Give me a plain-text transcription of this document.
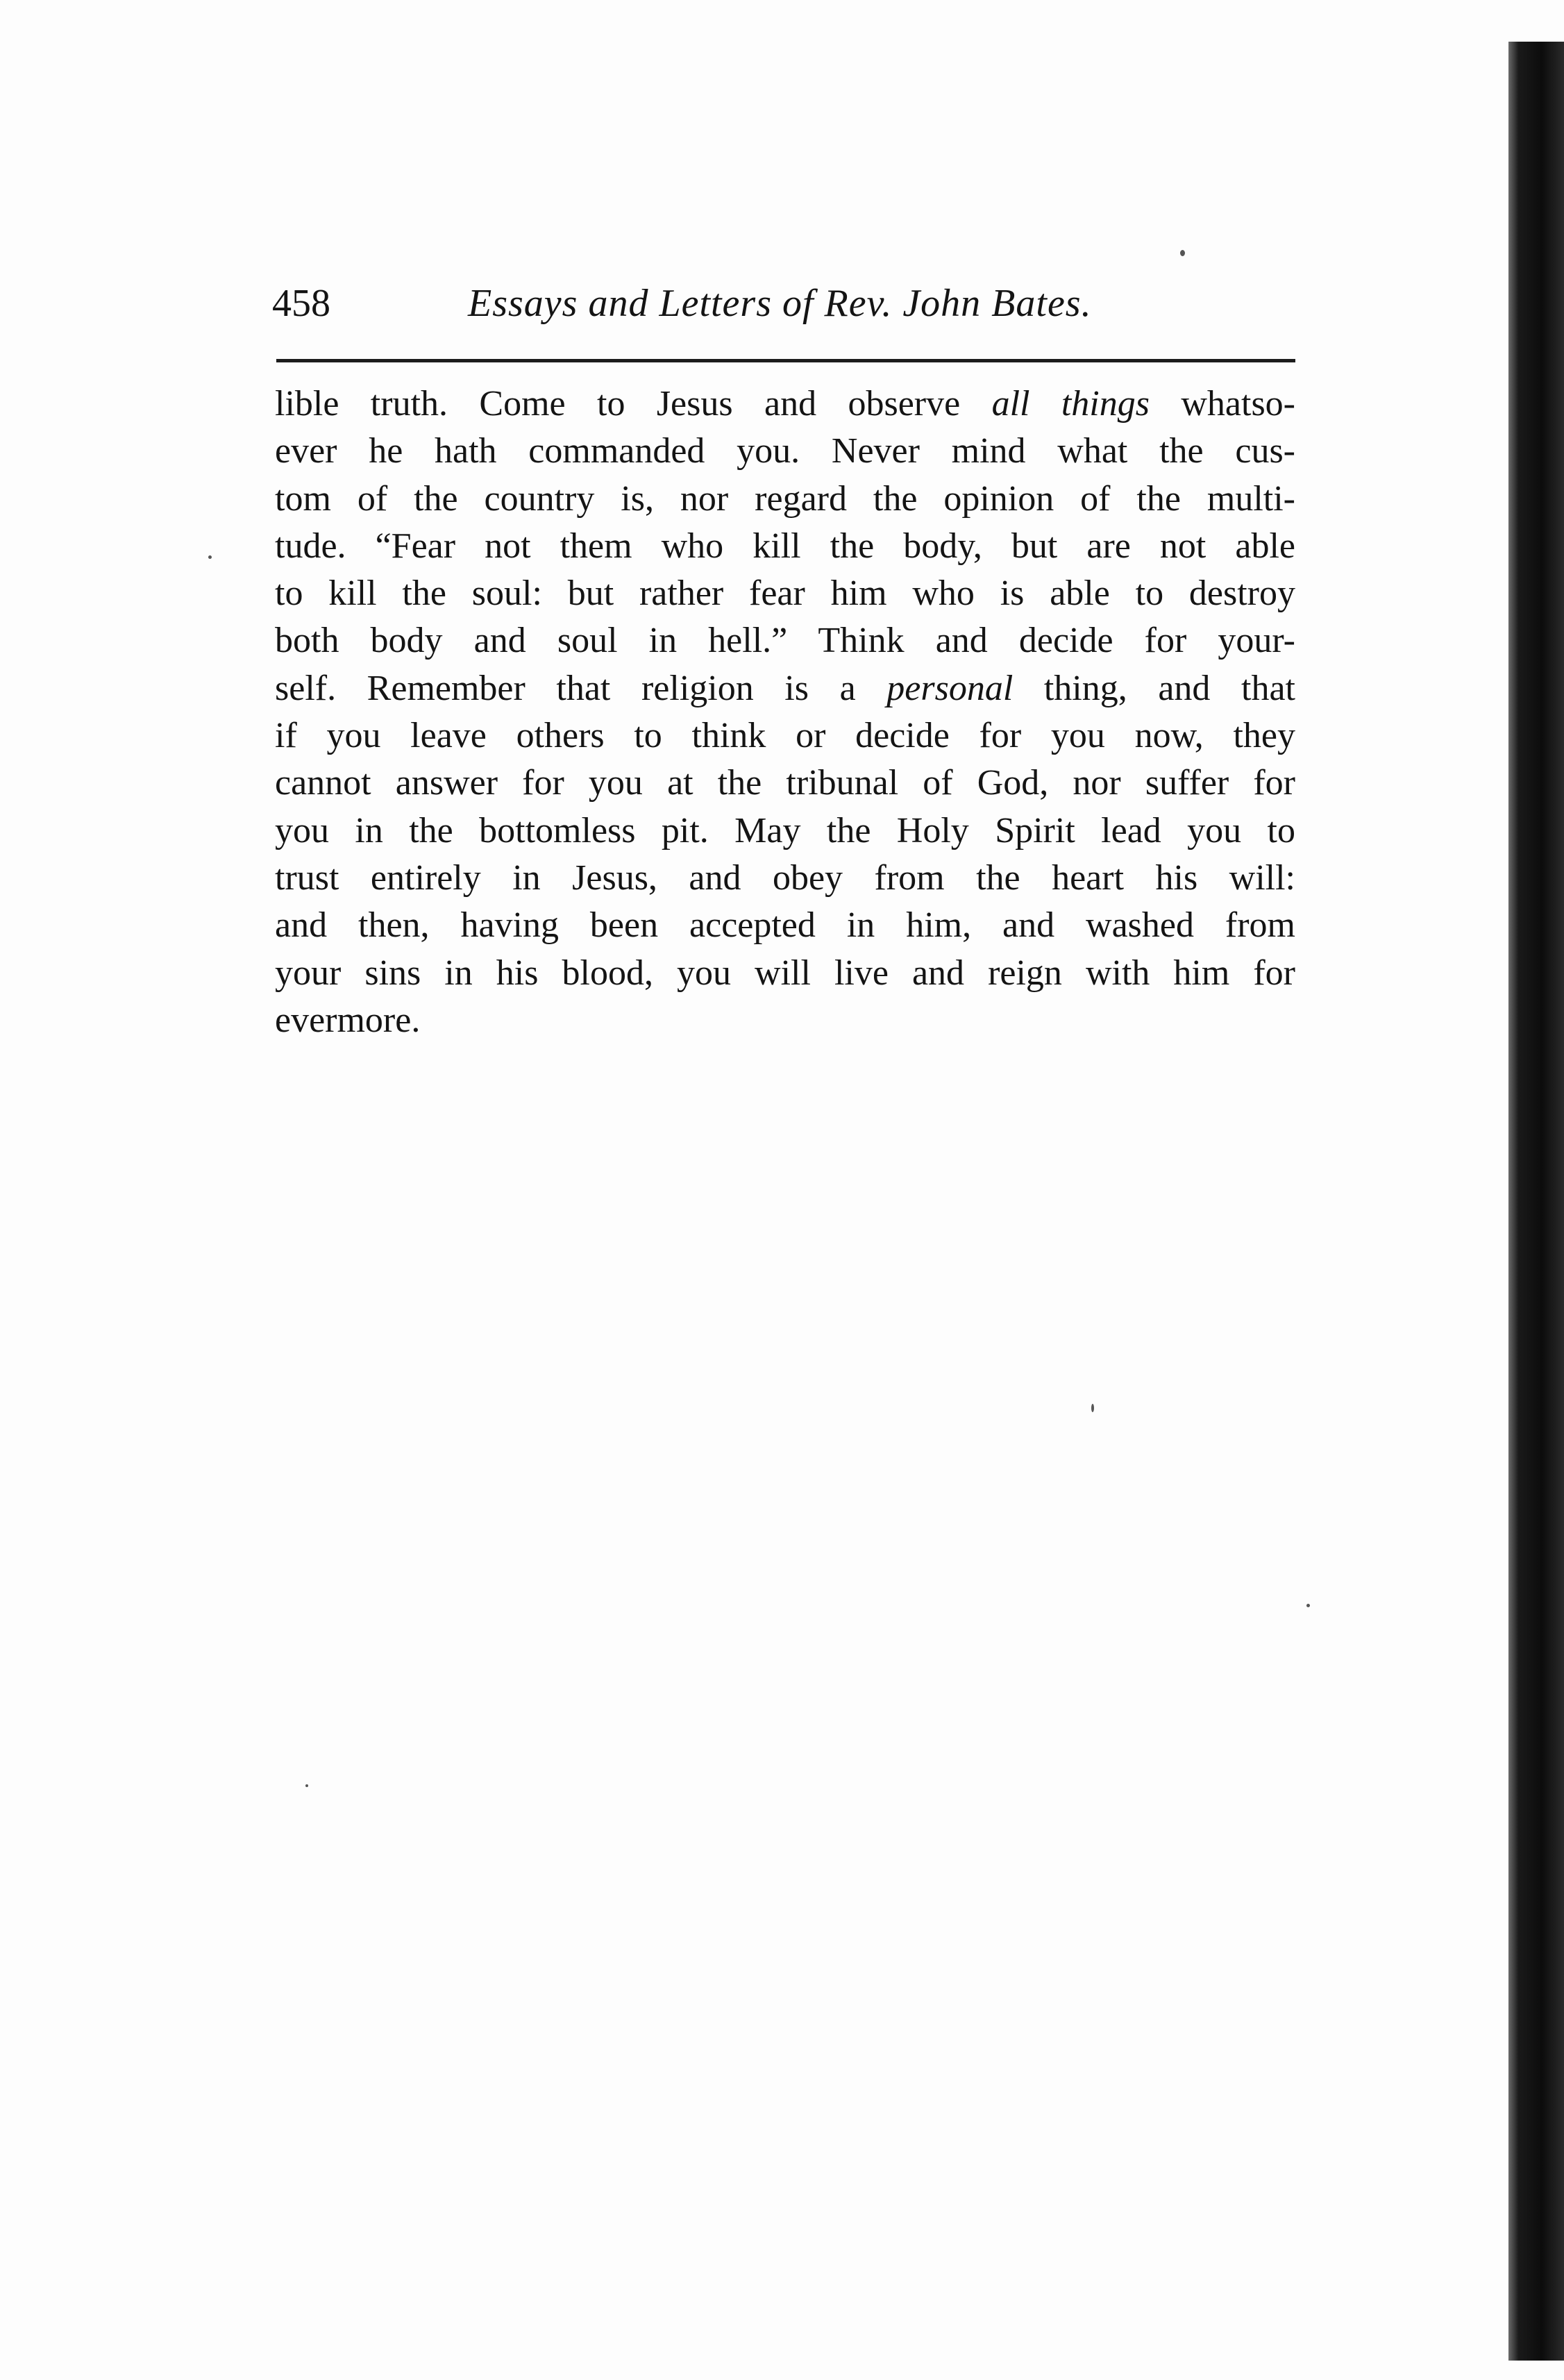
458	Essays and Letters of Rev. John Bates.
lible truth. Come to Jesus and observe all things whatso-
ever he hath commanded you. Never mind what the cus-
tom of the country is, nor regard the opinion of the multi-
tude. “Fear not them who kill the body, but are not able
to kill the soul: but rather fear him who is able to destroy
both body and soul in hell.” Think and decide for your-
self. Remember that religion is a personal thing, and that
if you leave others to think or decide for you now, they
cannot answer for you at the tribunal of God, nor suffer for
you in the bottomless pit. May the Holy Spirit lead you to
trust entirely in Jesus, and obey from the heart his will:
and then, having been accepted in him, and washed from
your sins in his blood, you will live and reign with him for
evermore.
